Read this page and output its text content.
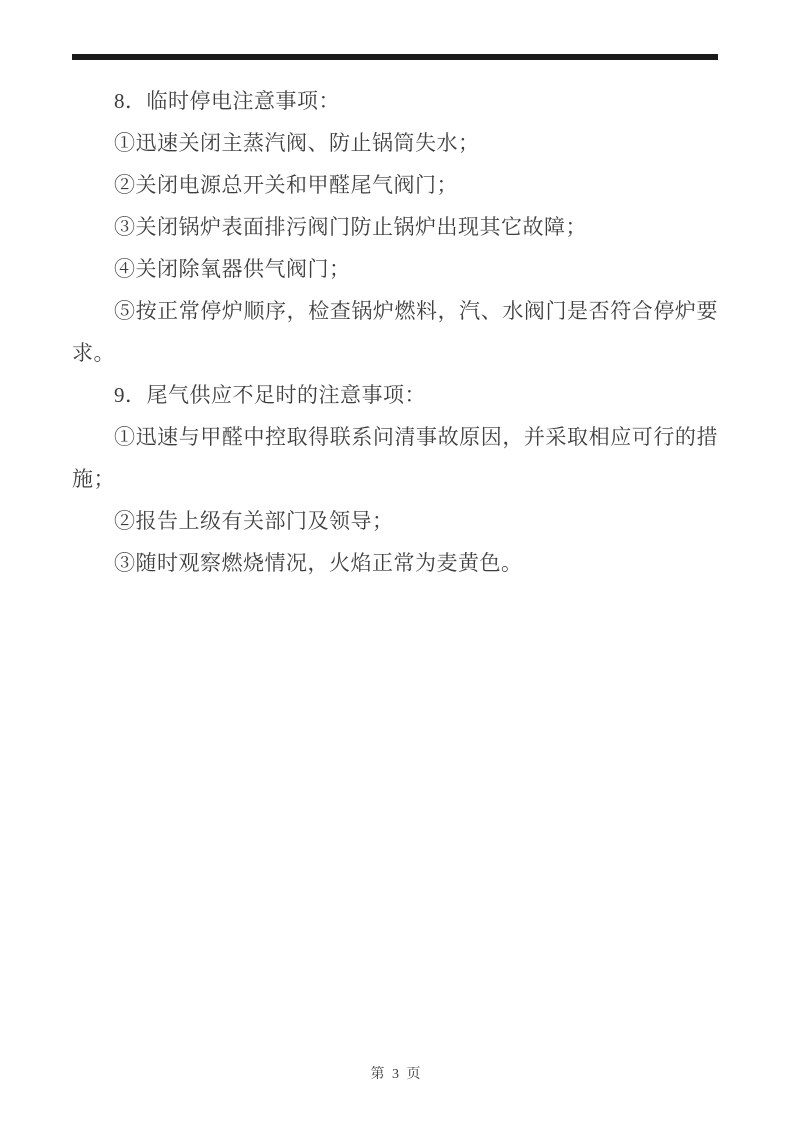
8．临时停电注意事项：

①迅速关闭主蒸汽阀、防止锅筒失水；

②关闭电源总开关和甲醛尾气阀门；

③关闭锅炉表面排污阀门防止锅炉出现其它故障；

④关闭除氧器供气阀门；

⑤按正常停炉顺序，检查锅炉燃料，汽、水阀门是否符合停炉要

求。

9．尾气供应不足时的注意事项：

①迅速与甲醛中控取得联系问清事故原因，并采取相应可行的措

施；

②报告上级有关部门及领导；

③随时观察燃烧情况，火焰正常为麦黄色。

第 3 页
